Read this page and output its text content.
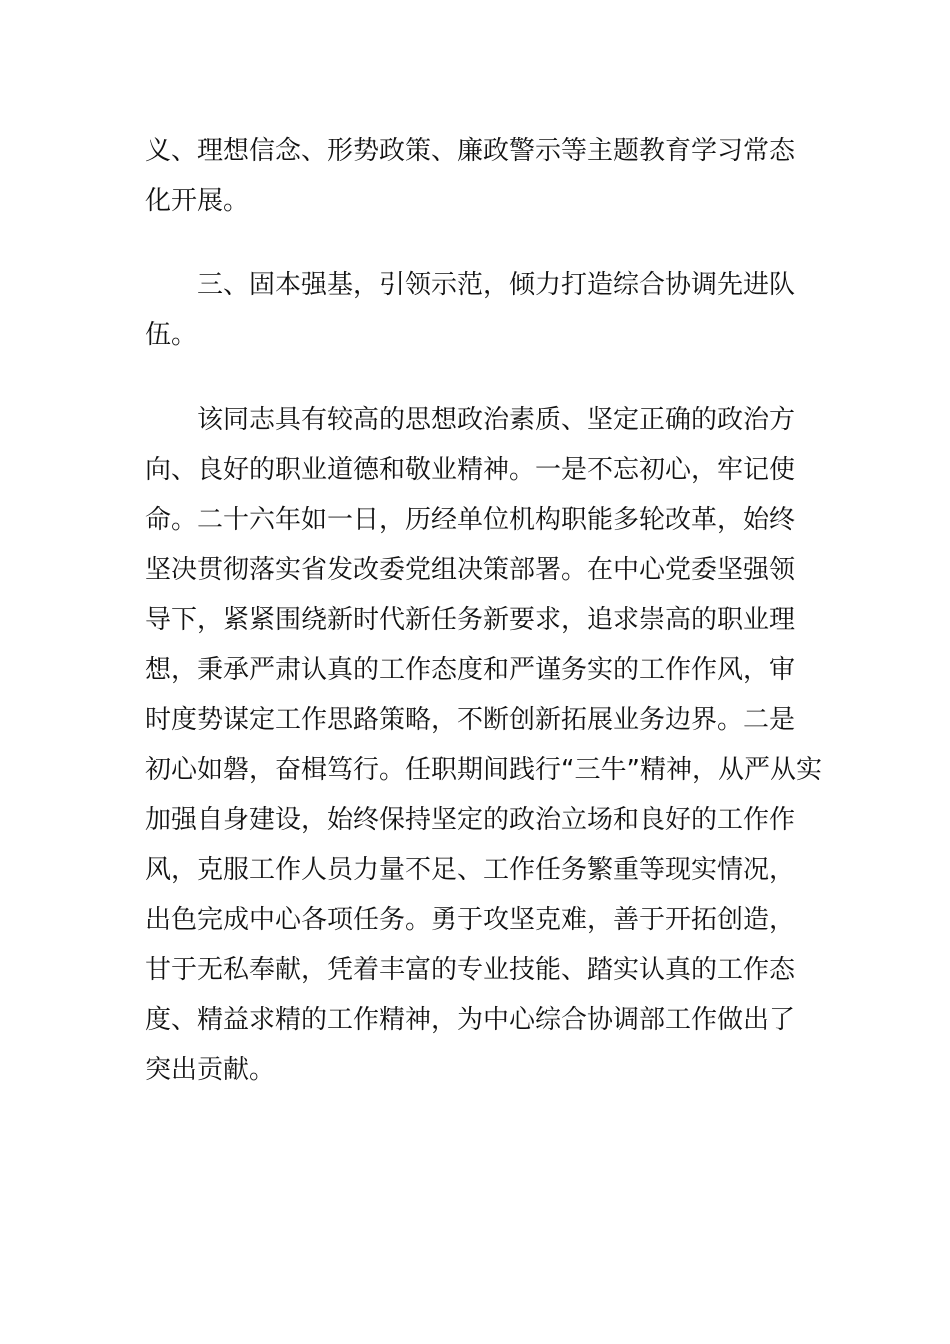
义、理想信念、形势政策、廉政警示等主题教育学习常态
化开展。
三、固本强基，引领示范，倾力打造综合协调先进队
伍。
该同志具有较高的思想政治素质、坚定正确的政治方
向、良好的职业道德和敬业精神。一是不忘初心，牢记使
命。二十六年如一日，历经单位机构职能多轮改革，始终
坚决贯彻落实省发改委党组决策部署。在中心党委坚强领
导下，紧紧围绕新时代新任务新要求，追求崇高的职业理
想，秉承严肃认真的工作态度和严谨务实的工作作风，审
时度势谋定工作思路策略，不断创新拓展业务边界。二是
初心如磐，奋楫笃行。任职期间践行“三牛”精神，从严从实
加强自身建设，始终保持坚定的政治立场和良好的工作作
风，克服工作人员力量不足、工作任务繁重等现实情况，
出色完成中心各项任务。勇于攻坚克难，善于开拓创造，
甘于无私奉献，凭着丰富的专业技能、踏实认真的工作态
度、精益求精的工作精神，为中心综合协调部工作做出了
突出贡献。
